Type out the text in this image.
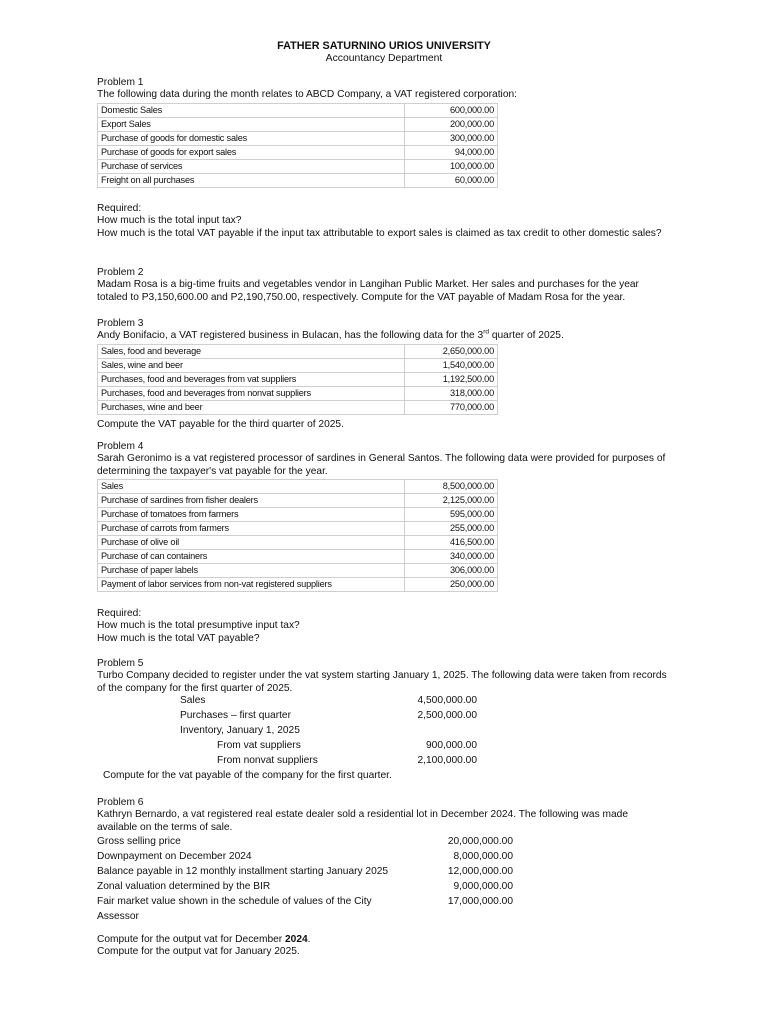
FATHER SATURNINO URIOS UNIVERSITY
Accountancy Department

Problem 1

The following data during the month relates to ABCD Company, a VAT registered corporation:

Domestic Sales	600,000.00
Export Sales	200,000.00
Purchase of goods for domestic sales	300,000.00
Purchase of goods for export sales	94,000.00
Purchase of services	100,000.00
Freight on all purchases	60,000.00

Required:

How much is the total input tax?

How much is the total VAT payable if the input tax attributable to export sales is claimed as tax credit to other domestic sales?

Problem 2

Madam Rosa is a big-time fruits and vegetables vendor in Langihan Public Market. Her sales and purchases for the year totaled to P3,150,600.00 and P2,190,750.00, respectively. Compute for the VAT payable of Madam Rosa for the year.

Problem 3

Andy Bonifacio, a VAT registered business in Bulacan, has the following data for the 3rd quarter of 2025.

Sales, food and beverage	2,650,000.00
Sales, wine and beer	1,540,000.00
Purchases, food and beverages from vat suppliers	1,192,500.00
Purchases, food and beverages from nonvat suppliers	318,000.00
Purchases, wine and beer	770,000.00

Compute the VAT payable for the third quarter of 2025.

Problem 4

Sarah Geronimo is a vat registered processor of sardines in General Santos. The following data were provided for purposes of determining the taxpayer's vat payable for the year.

Sales	8,500,000.00
Purchase of sardines from fisher dealers	2,125,000.00
Purchase of tomatoes from farmers	595,000.00
Purchase of carrots from farmers	255,000.00
Purchase of olive oil	416,500.00
Purchase of can containers	340,000.00
Purchase of paper labels	306,000.00
Payment of labor services from non-vat registered suppliers	250,000.00

Required:

How much is the total presumptive input tax?

How much is the total VAT payable?

Problem 5

Turbo Company decided to register under the vat system starting January 1, 2025. The following data were taken from records of the company for the first quarter of 2025.

Sales	4,500,000.00
Purchases – first quarter	2,500,000.00
Inventory, January 1, 2025
From vat suppliers	900,000.00
From nonvat suppliers	2,100,000.00

Compute for the vat payable of the company for the first quarter.

Problem 6

Kathryn Bernardo, a vat registered real estate dealer sold a residential lot in December 2024. The following was made available on the terms of sale.

Gross selling price	20,000,000.00
Downpayment on December 2024	8,000,000.00
Balance payable in 12 monthly installment starting January 2025	12,000,000.00
Zonal valuation determined by the BIR	9,000,000.00
Fair market value shown in the schedule of values of the City	17,000,000.00
Assessor

Compute for the output vat for December 2024.

Compute for the output vat for January 2025.
